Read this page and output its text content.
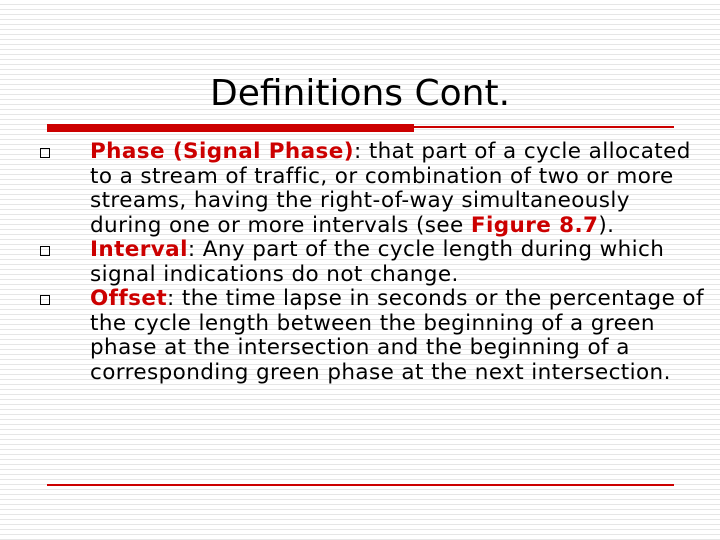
Definitions Cont.
Phase (Signal Phase): that part of a cycle allocated to a stream of traffic, or combination of two or more streams, having the right-of-way simultaneously during one or more intervals (see Figure 8.7).
Interval: Any part of the cycle length during which signal indications do not change.
Offset: the time lapse in seconds or the percentage of the cycle length between the beginning of a green phase at the intersection and the beginning of a corresponding green phase at the next intersection.
